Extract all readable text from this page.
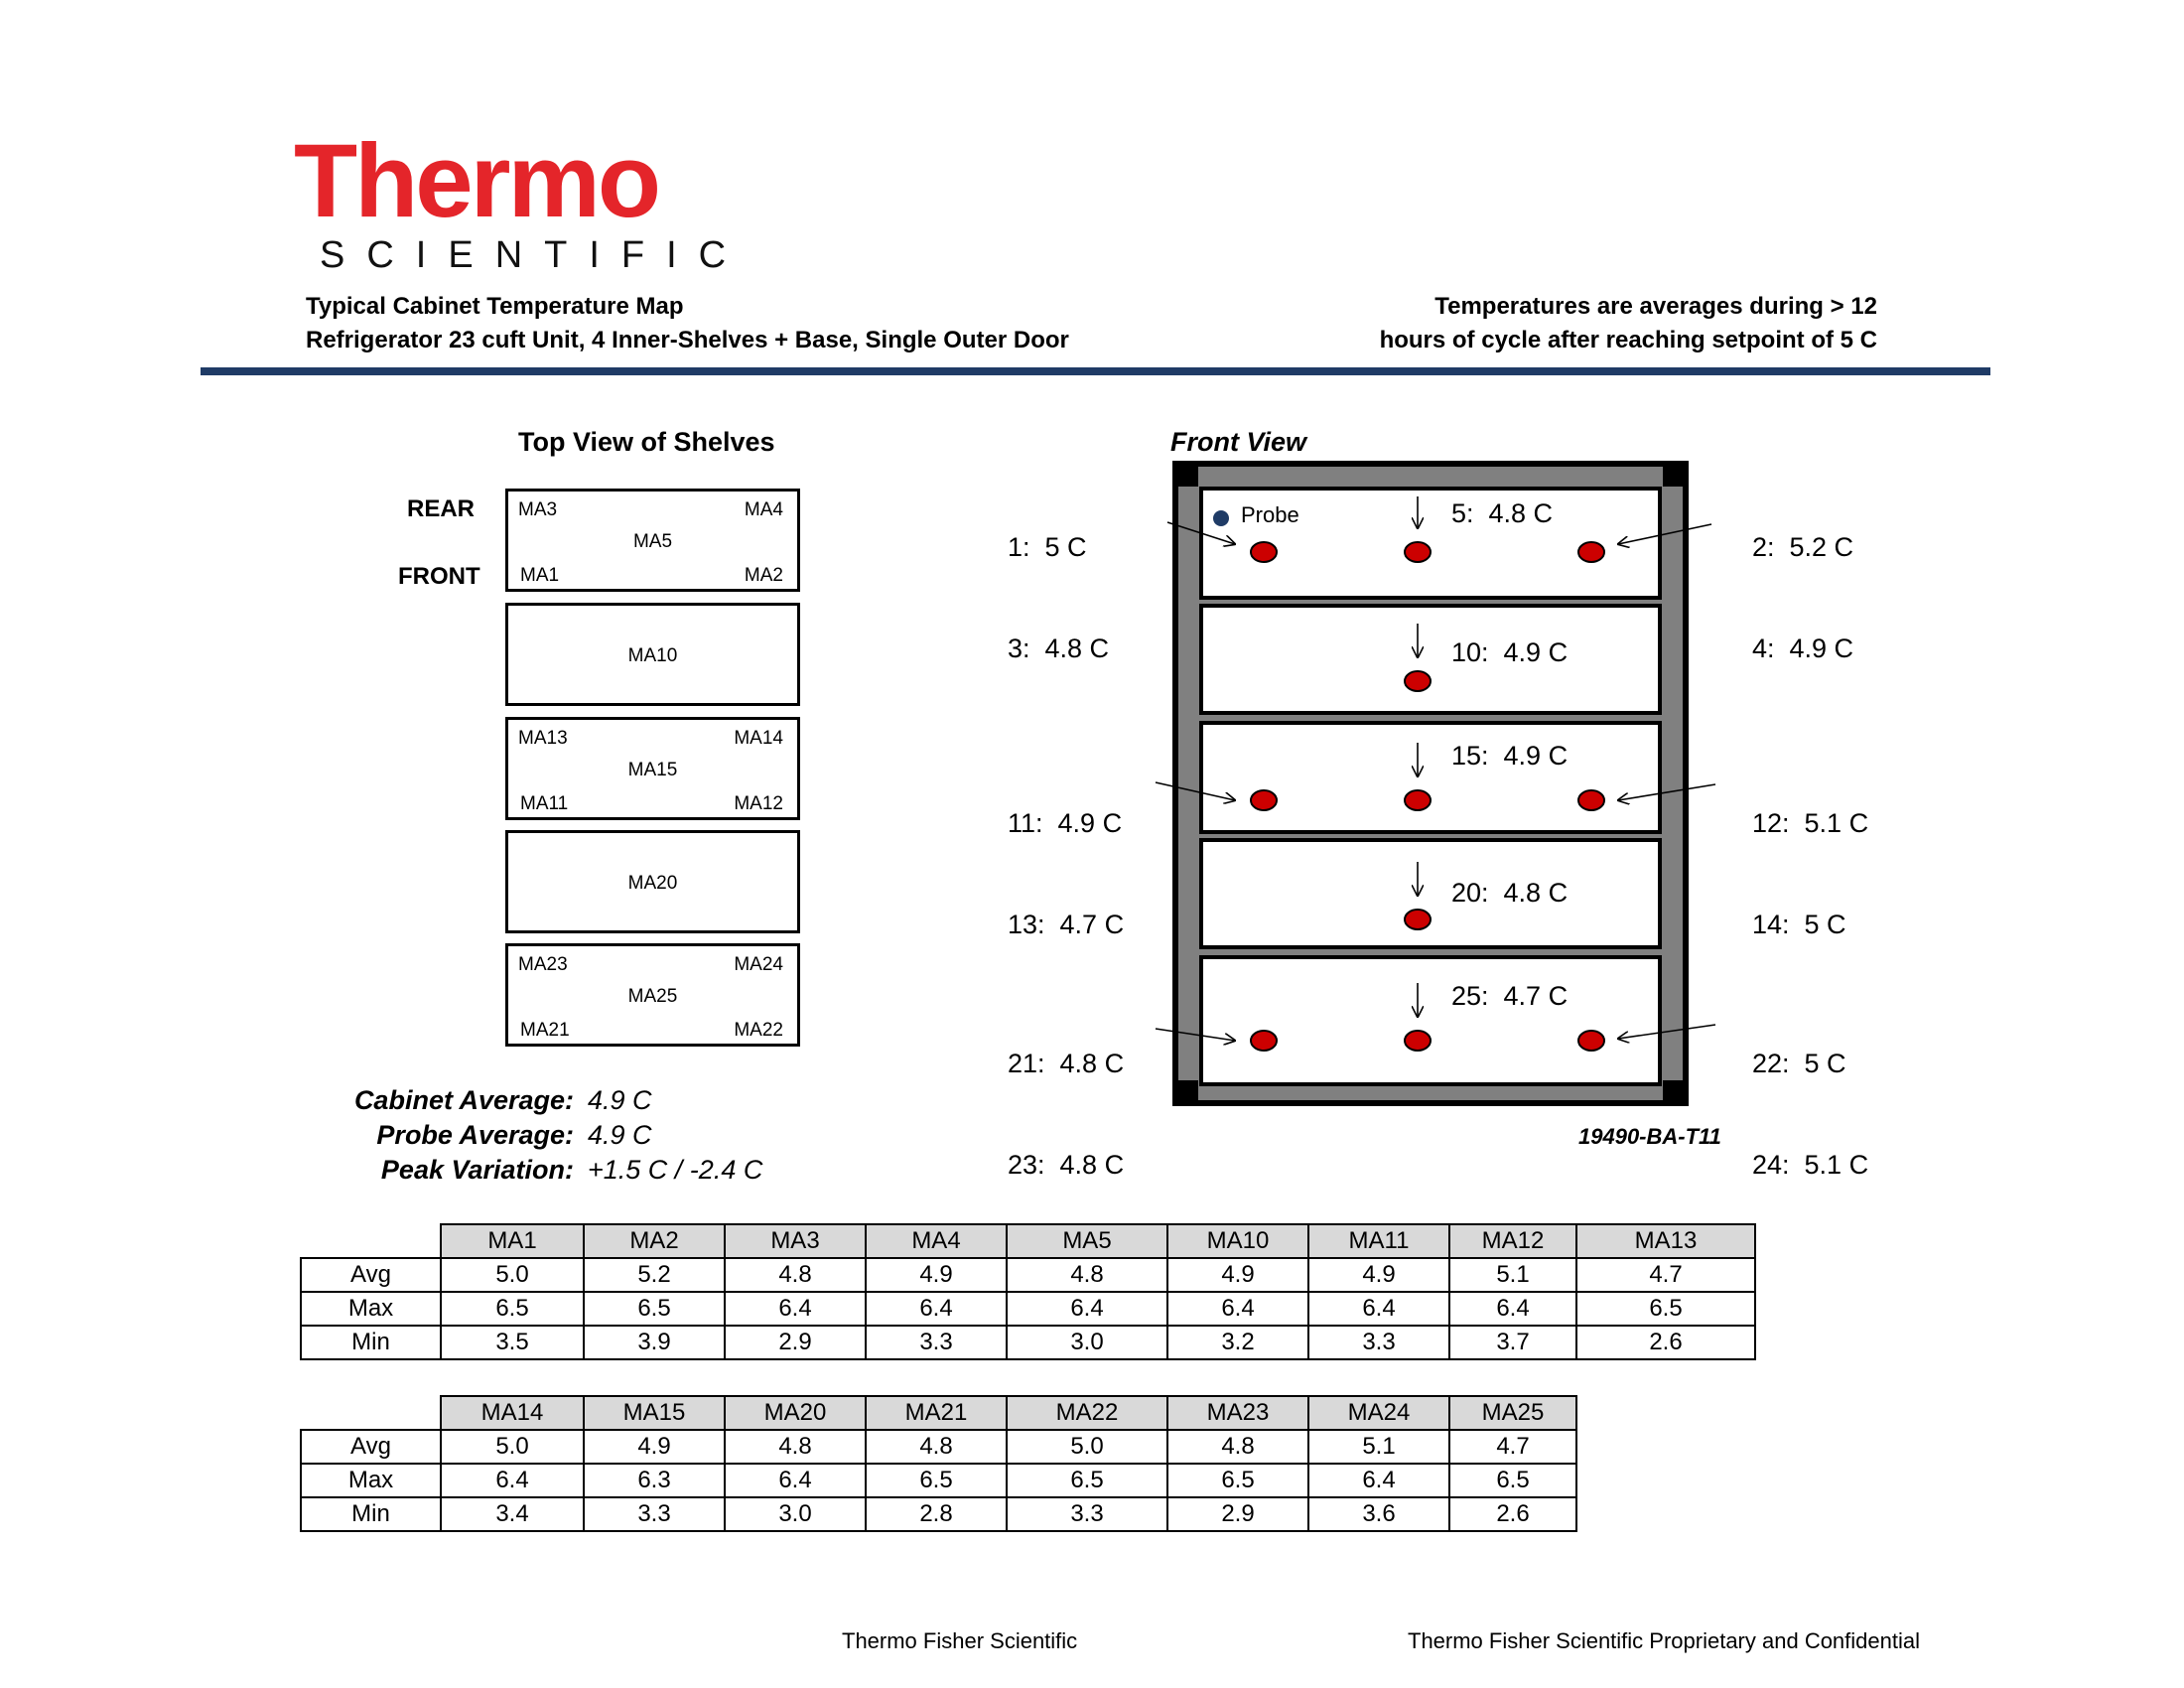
Thermo
SCIENTIFIC
Typical Cabinet Temperature Map
Refrigerator 23 cuft Unit, 4 Inner-Shelves + Base, Single Outer Door
Temperatures are averages during > 12
hours of cycle after reaching setpoint of 5 C
Top View of Shelves
REAR
FRONT
MA3	MA4
MA5
MA1	MA2
MA10
MA13	MA14
MA15
MA11	MA12
MA20
MA23	MA24
MA25
MA21	MA22
Cabinet Average: 4.9 C
Probe Average: 4.9 C
Peak Variation: +1.5 C / -2.4 C
Front View
Probe

1:  5 C

3:  4.8 C

11:  4.9 C

13:  4.7 C

21:  4.8 C

23:  4.8 C

2:  5.2 C

4:  4.9 C

12:  5.1 C

14:  5 C

22:  5 C

24:  5.1 C

5:  4.8 C
10:  4.9 C
15:  4.9 C
20:  4.8 C
25:  4.7 C
19490-BA-T11
	MA1	MA2	MA3	MA4	MA5	MA10	MA11	MA12	MA13
Avg	5.0	5.2	4.8	4.9	4.8	4.9	4.9	5.1	4.7
Max	6.5	6.5	6.4	6.4	6.4	6.4	6.4	6.4	6.5
Min	3.5	3.9	2.9	3.3	3.0	3.2	3.3	3.7	2.6
	MA14	MA15	MA20	MA21	MA22	MA23	MA24	MA25
Avg	5.0	4.9	4.8	4.8	5.0	4.8	5.1	4.7
Max	6.4	6.3	6.4	6.5	6.5	6.5	6.4	6.5
Min	3.4	3.3	3.0	2.8	3.3	2.9	3.6	2.6
Thermo Fisher Scientific	Thermo Fisher Scientific Proprietary and Confidential
